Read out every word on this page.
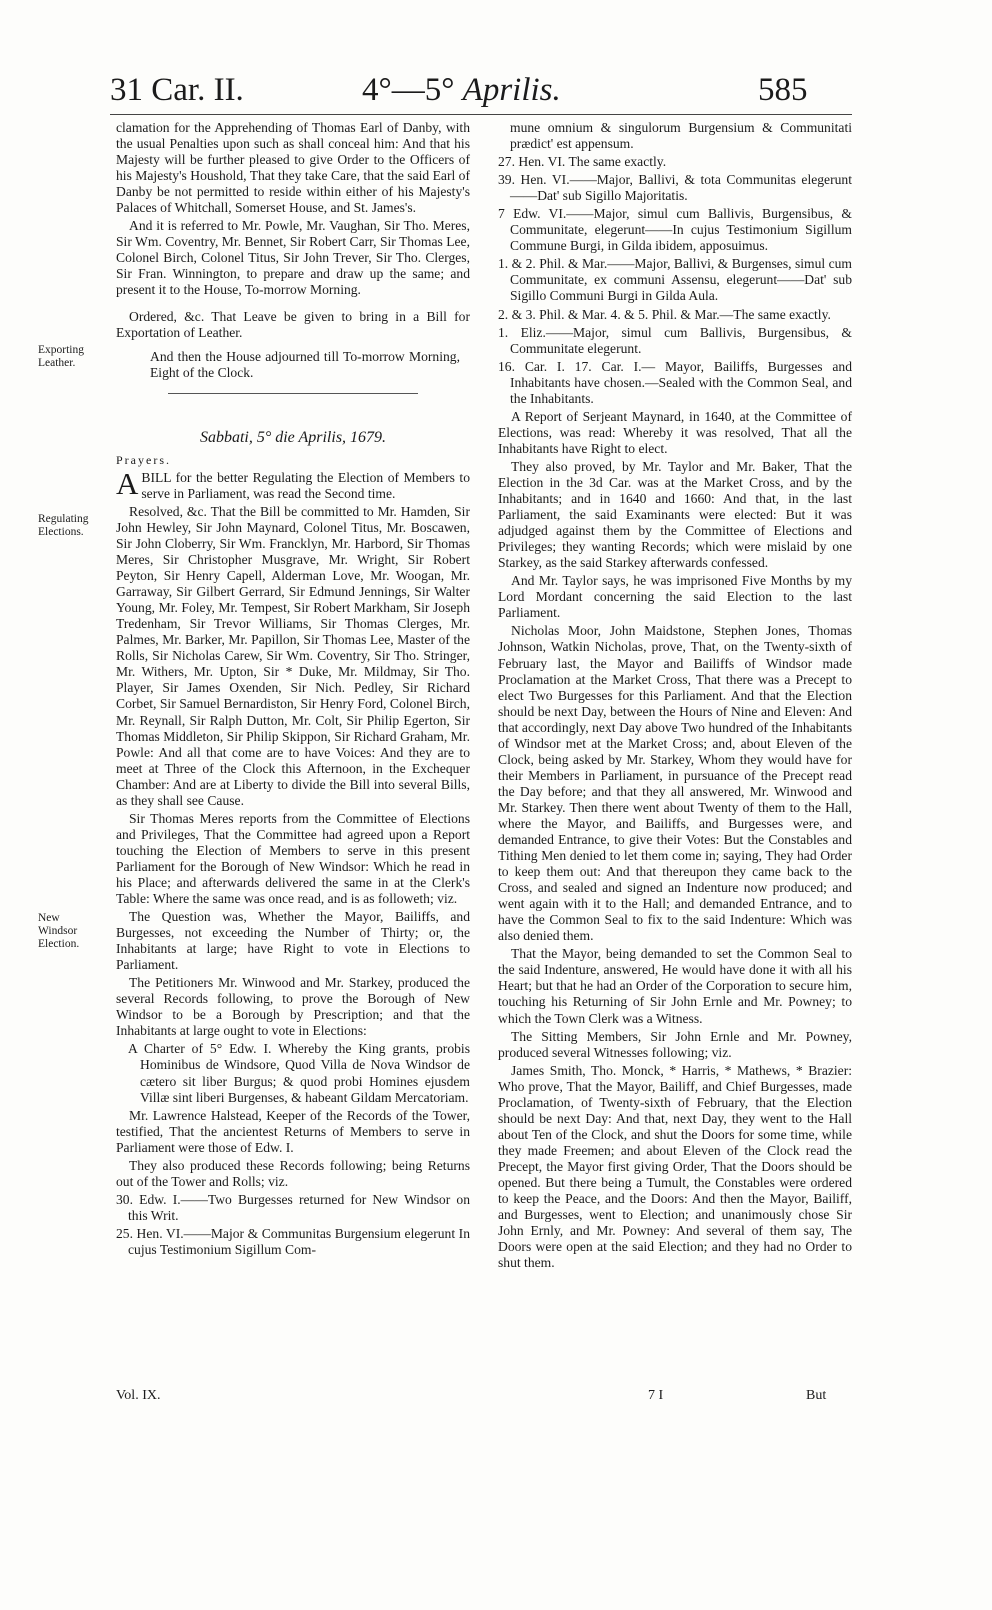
31 Car. II.	4°—5° Aprilis.	585
Exporting Leather.
Regulating Elections.
New Windsor Election.

clamation for the Apprehending of Thomas Earl of Danby, with the usual Penalties upon such as shall conceal him: And that his Majesty will be further pleased to give Order to the Officers of his Majesty's Houshold, That they take Care, that the said Earl of Danby be not permitted to reside within either of his Majesty's Palaces of Whitchall, Somerset House, and St. James's.

And it is referred to Mr. Powle, Mr. Vaughan, Sir Tho. Meres, Sir Wm. Coventry, Mr. Bennet, Sir Robert Carr, Sir Thomas Lee, Colonel Birch, Colonel Titus, Sir John Trever, Sir Tho. Clerges, Sir Fran. Winnington, to prepare and draw up the same; and present it to the House, To-morrow Morning.

Ordered, &c. That Leave be given to bring in a Bill for Exportation of Leather.

And then the House adjourned till To-morrow Morning, Eight of the Clock.

Sabbati, 5° die Aprilis, 1679.
Prayers.

ABILL for the better Regulating the Election of Members to serve in Parliament, was read the Second time.

Resolved, &c. That the Bill be committed to Mr. Hamden, Sir John Hewley, Sir John Maynard, Colonel Titus, Mr. Boscawen, Sir John Cloberry, Sir Wm. Francklyn, Mr. Harbord, Sir Thomas Meres, Sir Christopher Musgrave, Mr. Wright, Sir Robert Peyton, Sir Henry Capell, Alderman Love, Mr. Woogan, Mr. Garraway, Sir Gilbert Gerrard, Sir Edmund Jennings, Sir Walter Young, Mr. Foley, Mr. Tempest, Sir Robert Markham, Sir Joseph Tredenham, Sir Trevor Williams, Sir Thomas Clerges, Mr. Palmes, Mr. Barker, Mr. Papillon, Sir Thomas Lee, Master of the Rolls, Sir Nicholas Carew, Sir Wm. Coventry, Sir Tho. Stringer, Mr. Withers, Mr. Upton, Sir * Duke, Mr. Mildmay, Sir Tho. Player, Sir James Oxenden, Sir Nich. Pedley, Sir Richard Corbet, Sir Samuel Bernardiston, Sir Henry Ford, Colonel Birch, Mr. Reynall, Sir Ralph Dutton, Mr. Colt, Sir Philip Egerton, Sir Thomas Middleton, Sir Philip Skippon, Sir Richard Graham, Mr. Powle: And all that come are to have Voices: And they are to meet at Three of the Clock this Afternoon, in the Exchequer Chamber: And are at Liberty to divide the Bill into several Bills, as they shall see Cause.

Sir Thomas Meres reports from the Committee of Elections and Privileges, That the Committee had agreed upon a Report touching the Election of Members to serve in this present Parliament for the Borough of New Windsor: Which he read in his Place; and afterwards delivered the same in at the Clerk's Table: Where the same was once read, and is as followeth; viz.

The Question was, Whether the Mayor, Bailiffs, and Burgesses, not exceeding the Number of Thirty; or, the Inhabitants at large; have Right to vote in Elections to Parliament.

The Petitioners Mr. Winwood and Mr. Starkey, produced the several Records following, to prove the Borough of New Windsor to be a Borough by Prescription; and that the Inhabitants at large ought to vote in Elections:

A Charter of 5° Edw. I. Whereby the King grants, probis Hominibus de Windsore, Quod Villa de Nova Windsor de cætero sit liber Burgus; & quod probi Homines ejusdem Villæ sint liberi Burgenses, & habeant Gildam Mercatoriam.

Mr. Lawrence Halstead, Keeper of the Records of the Tower, testified, That the ancientest Returns of Members to serve in Parliament were those of Edw. I.

They also produced these Records following; being Returns out of the Tower and Rolls; viz.

30. Edw. I.——Two Burgesses returned for New Windsor on this Writ.

25. Hen. VI.——Major & Communitas Burgensium elegerunt In cujus Testimonium Sigillum Com-

mune omnium & singulorum Burgensium & Communitati prædict' est appensum.

27. Hen. VI. The same exactly.

39. Hen. VI.——Major, Ballivi, & tota Communitas elegerunt——Dat' sub Sigillo Majoritatis.

7 Edw. VI.——Major, simul cum Ballivis, Burgensibus, & Communitate, elegerunt——In cujus Testimonium Sigillum Commune Burgi, in Gilda ibidem, apposuimus.

1. & 2. Phil. & Mar.——Major, Ballivi, & Burgenses, simul cum Communitate, ex communi Assensu, elegerunt——Dat' sub Sigillo Communi Burgi in Gilda Aula.

2. & 3. Phil. & Mar. 4. & 5. Phil. & Mar.—The same exactly.

1. Eliz.——Major, simul cum Ballivis, Burgensibus, & Communitate elegerunt.

16. Car. I. 17. Car. I.— Mayor, Bailiffs, Burgesses and Inhabitants have chosen.—Sealed with the Common Seal, and the Inhabitants.

A Report of Serjeant Maynard, in 1640, at the Committee of Elections, was read: Whereby it was resolved, That all the Inhabitants have Right to elect.

They also proved, by Mr. Taylor and Mr. Baker, That the Election in the 3d Car. was at the Market Cross, and by the Inhabitants; and in 1640 and 1660: And that, in the last Parliament, the said Examinants were elected: But it was adjudged against them by the Committee of Elections and Privileges; they wanting Records; which were mislaid by one Starkey, as the said Starkey afterwards confessed.

And Mr. Taylor says, he was imprisoned Five Months by my Lord Mordant concerning the said Election to the last Parliament.

Nicholas Moor, John Maidstone, Stephen Jones, Thomas Johnson, Watkin Nicholas, prove, That, on the Twenty-sixth of February last, the Mayor and Bailiffs of Windsor made Proclamation at the Market Cross, That there was a Precept to elect Two Burgesses for this Parliament. And that the Election should be next Day, between the Hours of Nine and Eleven: And that accordingly, next Day above Two hundred of the Inhabitants of Windsor met at the Market Cross; and, about Eleven of the Clock, being asked by Mr. Starkey, Whom they would have for their Members in Parliament, in pursuance of the Precept read the Day before; and that they all answered, Mr. Winwood and Mr. Starkey. Then there went about Twenty of them to the Hall, where the Mayor, and Bailiffs, and Burgesses were, and demanded Entrance, to give their Votes: But the Constables and Tithing Men denied to let them come in; saying, They had Order to keep them out: And that thereupon they came back to the Cross, and sealed and signed an Indenture now produced; and went again with it to the Hall; and demanded Entrance, and to have the Common Seal to fix to the said Indenture: Which was also denied them.

That the Mayor, being demanded to set the Common Seal to the said Indenture, answered, He would have done it with all his Heart; but that he had an Order of the Corporation to secure him, touching his Returning of Sir John Ernle and Mr. Powney; to which the Town Clerk was a Witness.

The Sitting Members, Sir John Ernle and Mr. Powney, produced several Witnesses following; viz.

James Smith, Tho. Monck, * Harris, * Mathews, * Brazier: Who prove, That the Mayor, Bailiff, and Chief Burgesses, made Proclamation, of Twenty-sixth of February, that the Election should be next Day: And that, next Day, they went to the Hall about Ten of the Clock, and shut the Doors for some time, while they made Freemen; and about Eleven of the Clock read the Precept, the Mayor first giving Order, That the Doors should be opened. But there being a Tumult, the Constables were ordered to keep the Peace, and the Doors: And then the Mayor, Bailiff, and Burgesses, went to Election; and unanimously chose Sir John Ernly, and Mr. Powney: And several of them say, The Doors were open at the said Election; and they had no Order to shut them.

Vol. IX.	7 I	But
